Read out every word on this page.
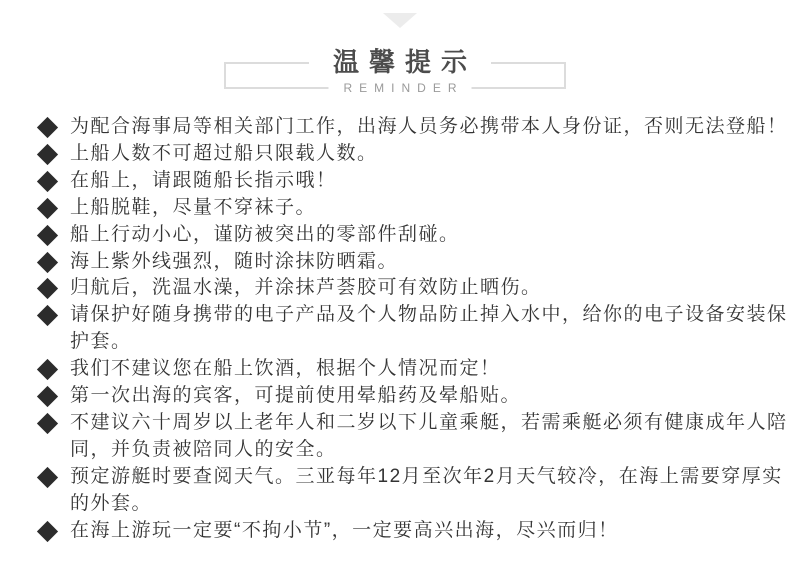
温馨提示
REMINDER
为配合海事局等相关部门工作，出海人员务必携带本人身份证，否则无法登船！
上船人数不可超过船只限载人数。
在船上，请跟随船长指示哦！
上船脱鞋，尽量不穿袜子。
船上行动小心，谨防被突出的零部件刮碰。
海上紫外线强烈，随时涂抹防晒霜。
归航后，洗温水澡，并涂抹芦荟胶可有效防止晒伤。
请保护好随身携带的电子产品及个人物品防止掉入水中，给你的电子设备安装保
护套。
我们不建议您在船上饮酒，根据个人情况而定！
第一次出海的宾客，可提前使用晕船药及晕船贴。
不建议六十周岁以上老年人和二岁以下儿童乘艇，若需乘艇必须有健康成年人陪
同，并负责被陪同人的安全。
预定游艇时要查阅天气。三亚每年12月至次年2月天气较冷，在海上需要穿厚实
的外套。
在海上游玩一定要“不拘小节”，一定要高兴出海，尽兴而归！
